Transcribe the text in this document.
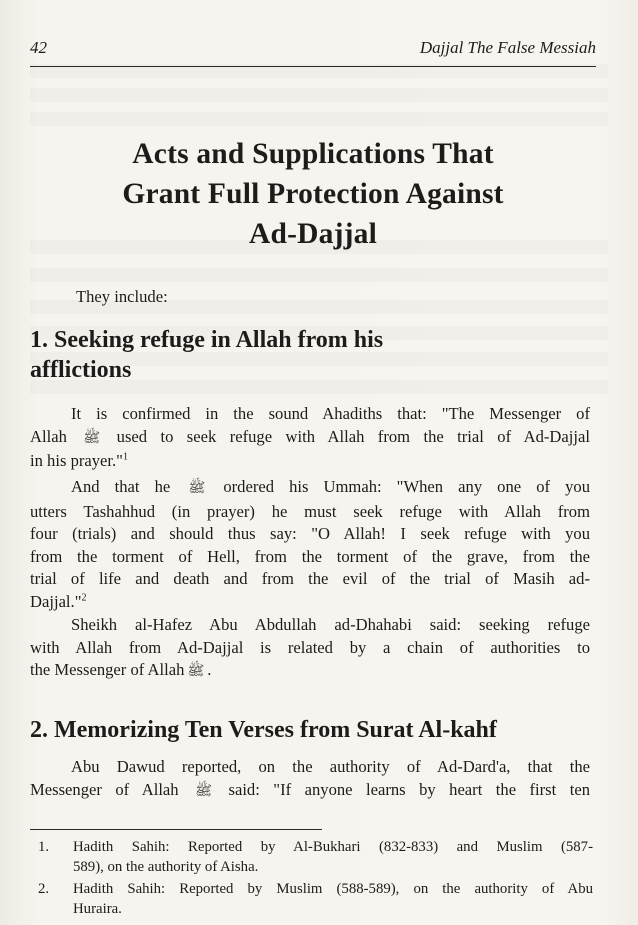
42	Dajjal The False Messiah
Acts and Supplications That
Grant Full Protection Against
Ad-Dajjal
They include:
1. Seeking refuge in Allah from his
afflictions
It is confirmed in the sound Ahadiths that: "The Messenger of
Allah ﷺ used to seek refuge with Allah from the trial of Ad-Dajjal
in his prayer."$^1$
And that he ﷺ ordered his Ummah: "When any one of you
utters Tashahhud (in prayer) he must seek refuge with Allah from
four (trials) and should thus say: "O Allah! I seek refuge with you
from the torment of Hell, from the torment of the grave, from the
trial of life and death and from the evil of the trial of Masih ad-
Dajjal."$^2$
Sheikh al-Hafez Abu Abdullah ad-Dhahabi said: seeking refuge
with Allah from Ad-Dajjal is related by a chain of authorities to
the Messenger of Allah ﷺ .
2. Memorizing Ten Verses from Surat Al-kahf
Abu Dawud reported, on the authority of Ad-Dard'a, that the
Messenger of Allah ﷺ said: "If anyone learns by heart the first ten
1. Hadith Sahih: Reported by Al-Bukhari (832-833) and Muslim (587-
589), on the authority of Aisha.
2. Hadith Sahih: Reported by Muslim (588-589), on the authority of Abu
Huraira.
